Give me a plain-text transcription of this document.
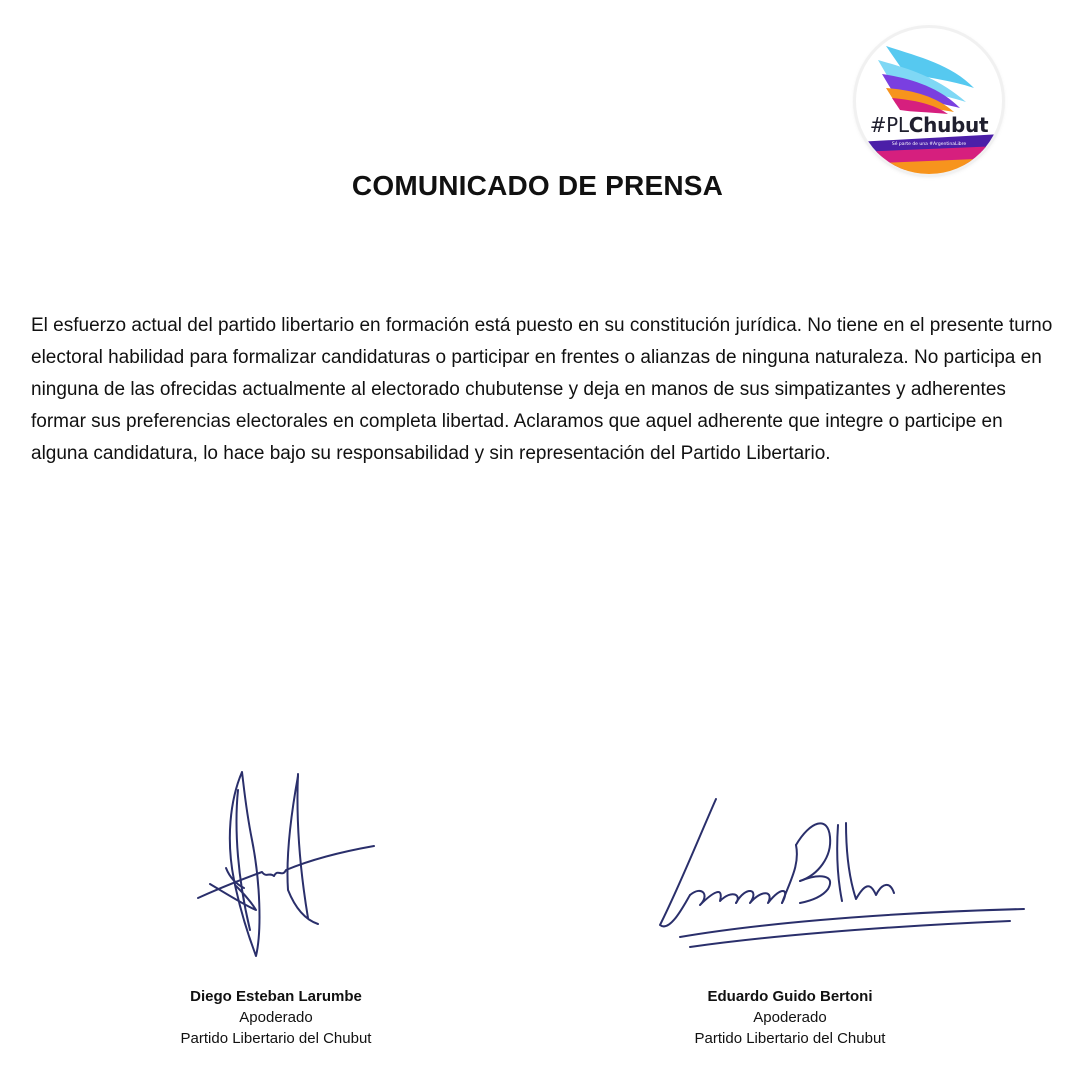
#PLChubut
Sé parte de una #ArgentinaLibre
COMUNICADO DE PRENSA

El esfuerzo actual del partido libertario en formación está puesto en su constitución jurídica. No tiene en el presente turno electoral habilidad para formalizar candidaturas o participar en frentes o alianzas de ninguna naturaleza. No participa en ninguna de las ofrecidas actualmente al electorado chubutense y deja en manos de sus simpatizantes y adherentes formar sus preferencias electorales en completa libertad. Aclaramos que aquel adherente que integre o participe en alguna candidatura, lo hace bajo su responsabilidad y sin representación del Partido Libertario.

Diego Esteban Larumbe
Apoderado
Partido Libertario del Chubut
Eduardo Guido Bertoni
Apoderado
Partido Libertario del Chubut
